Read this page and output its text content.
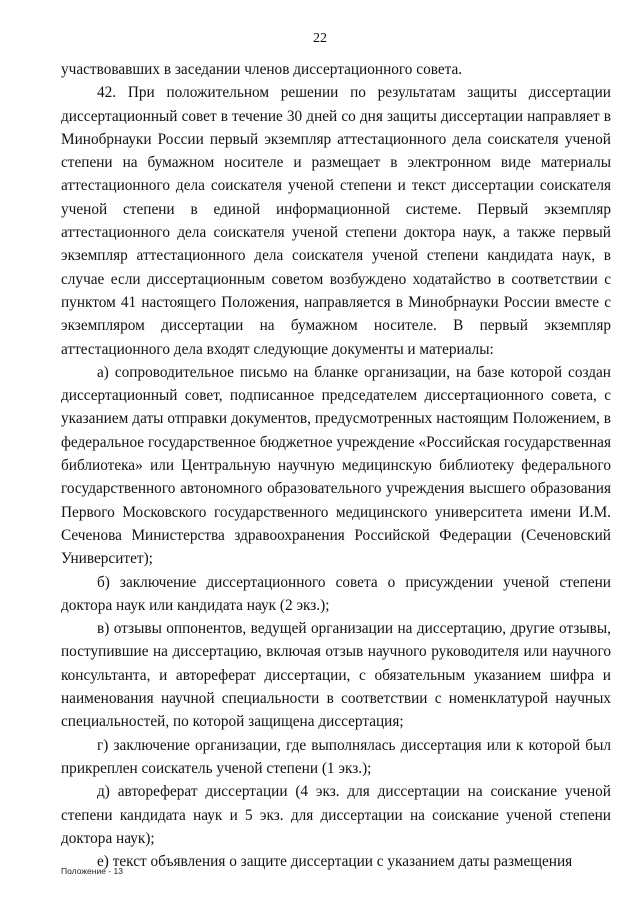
22

участвовавших в заседании членов диссертационного совета.

42. При положительном решении по результатам защиты диссертации диссертационный совет в течение 30 дней со дня защиты диссертации направляет в Минобрнауки России первый экземпляр аттестационного дела соискателя ученой степени на бумажном носителе и размещает в электронном виде материалы аттестационного дела соискателя ученой степени и текст диссертации соискателя ученой степени в единой информационной системе. Первый экземпляр аттестационного дела соискателя ученой степени доктора наук, а также первый экземпляр аттестационного дела соискателя ученой степени кандидата наук, в случае если диссертационным советом возбуждено ходатайство в соответствии с пунктом 41 настоящего Положения, направляется в Минобрнауки России вместе с экземпляром диссертации на бумажном носителе. В первый экземпляр аттестационного дела входят следующие документы и материалы:

а) сопроводительное письмо на бланке организации, на базе которой создан диссертационный совет, подписанное председателем диссертационного совета, с указанием даты отправки документов, предусмотренных настоящим Положением, в федеральное государственное бюджетное учреждение «Российская государственная библиотека» или Центральную научную медицинскую библиотеку федерального государственного автономного образовательного учреждения высшего образования Первого Московского государственного медицинского университета имени И.М. Сеченова Министерства здравоохранения Российской Федерации (Сеченовский Университет);

б) заключение диссертационного совета о присуждении ученой степени доктора наук или кандидата наук (2 экз.);

в) отзывы оппонентов, ведущей организации на диссертацию, другие отзывы, поступившие на диссертацию, включая отзыв научного руководителя или научного консультанта, и автореферат диссертации, с обязательным указанием шифра и наименования научной специальности в соответствии с номенклатурой научных специальностей, по которой защищена диссертация;

г) заключение организации, где выполнялась диссертация или к которой был прикреплен соискатель ученой степени (1 экз.);

д) автореферат диссертации (4 экз. для диссертации на соискание ученой степени кандидата наук и 5 экз. для диссертации на соискание ученой степени доктора наук);

е) текст объявления о защите диссертации с указанием даты размещения

Положение - 13
